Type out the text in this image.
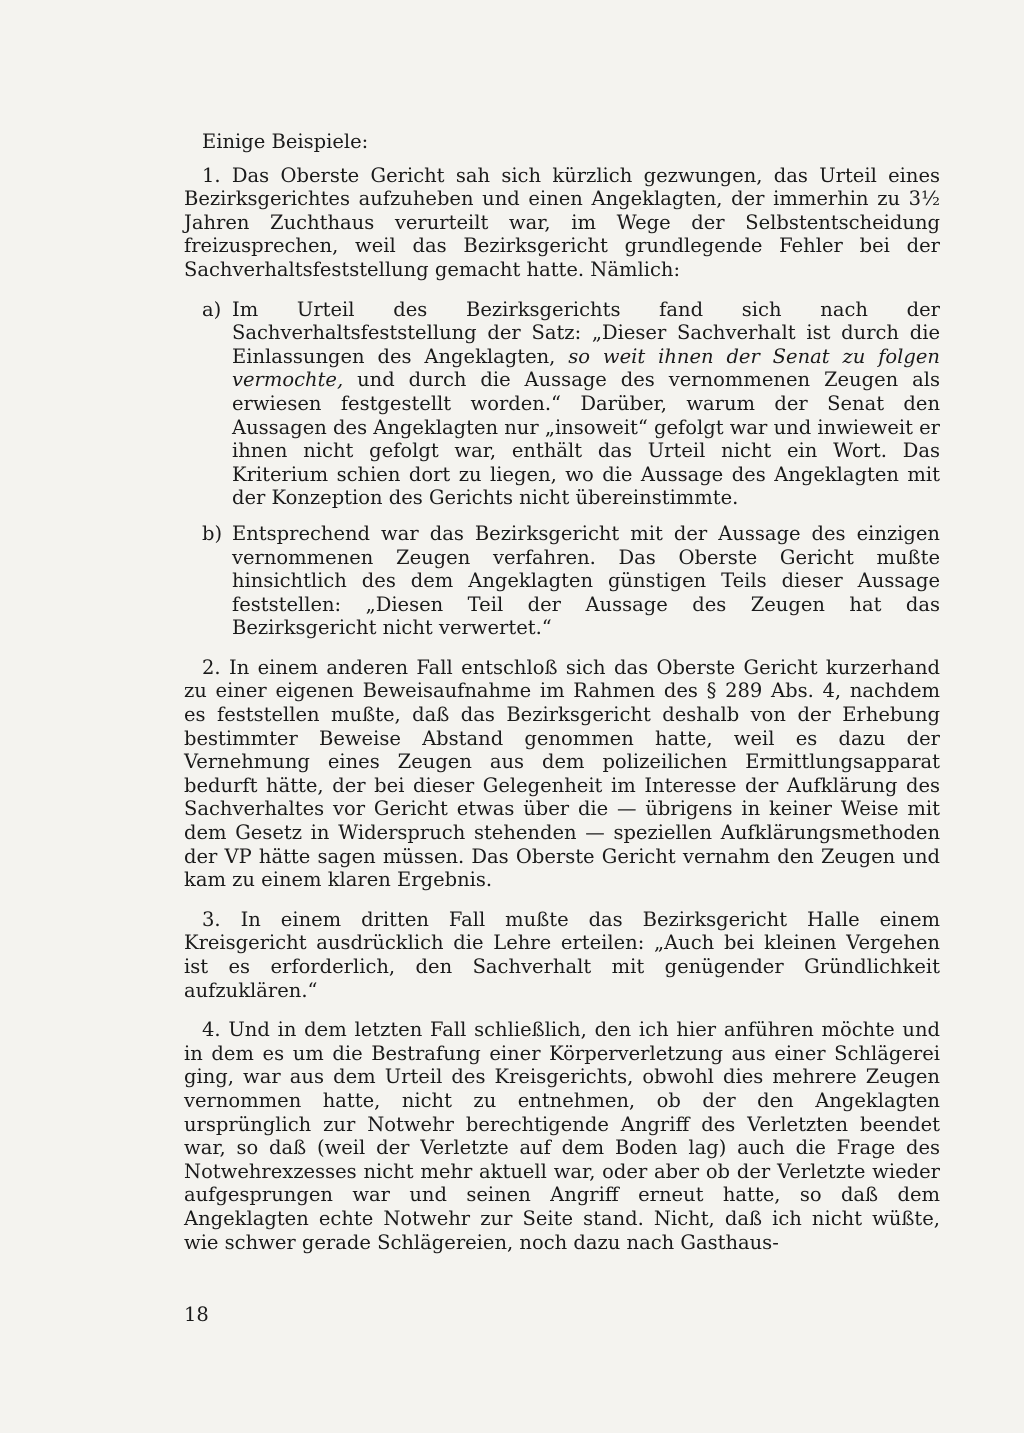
Einige Beispiele:

1. Das Oberste Gericht sah sich kürzlich gezwungen, das Urteil eines Bezirksgerichtes aufzuheben und einen Angeklagten, der immerhin zu 3½ Jahren Zuchthaus verurteilt war, im Wege der Selbstentscheidung freizusprechen, weil das Bezirksgericht grundlegende Fehler bei der Sachverhaltsfeststellung gemacht hatte. Nämlich:

a) Im Urteil des Bezirksgerichts fand sich nach der Sachverhaltsfeststellung der Satz: „Dieser Sachverhalt ist durch die Einlassungen des Angeklagten, so weit ihnen der Senat zu folgen vermochte, und durch die Aussage des vernommenen Zeugen als erwiesen festgestellt worden.“ Darüber, warum der Senat den Aussagen des Angeklagten nur „insoweit“ gefolgt war und inwieweit er ihnen nicht gefolgt war, enthält das Urteil nicht ein Wort. Das Kriterium schien dort zu liegen, wo die Aussage des Angeklagten mit der Konzeption des Gerichts nicht übereinstimmte.
b) Entsprechend war das Bezirksgericht mit der Aussage des einzigen vernommenen Zeugen verfahren. Das Oberste Gericht mußte hinsichtlich des dem Angeklagten günstigen Teils dieser Aussage feststellen: „Diesen Teil der Aussage des Zeugen hat das Bezirksgericht nicht verwertet.“

2. In einem anderen Fall entschloß sich das Oberste Gericht kurzerhand zu einer eigenen Beweisaufnahme im Rahmen des § 289 Abs. 4, nachdem es feststellen mußte, daß das Bezirksgericht deshalb von der Erhebung bestimmter Beweise Abstand genommen hatte, weil es dazu der Vernehmung eines Zeugen aus dem polizeilichen Ermittlungsapparat bedurft hätte, der bei dieser Gelegenheit im Interesse der Aufklärung des Sachverhaltes vor Gericht etwas über die — übrigens in keiner Weise mit dem Gesetz in Widerspruch stehenden — speziellen Aufklärungsmethoden der VP hätte sagen müssen. Das Oberste Gericht vernahm den Zeugen und kam zu einem klaren Ergebnis.

3. In einem dritten Fall mußte das Bezirksgericht Halle einem Kreisgericht ausdrücklich die Lehre erteilen: „Auch bei kleinen Vergehen ist es erforderlich, den Sachverhalt mit genügender Gründlichkeit aufzuklären.“

4. Und in dem letzten Fall schließlich, den ich hier anführen möchte und in dem es um die Bestrafung einer Körperverletzung aus einer Schlägerei ging, war aus dem Urteil des Kreisgerichts, obwohl dies mehrere Zeugen vernommen hatte, nicht zu entnehmen, ob der den Angeklagten ursprünglich zur Notwehr berechtigende Angriff des Verletzten beendet war, so daß (weil der Verletzte auf dem Boden lag) auch die Frage des Notwehrexzesses nicht mehr aktuell war, oder aber ob der Verletzte wieder aufgesprungen war und seinen Angriff erneut hatte, so daß dem Angeklagten echte Notwehr zur Seite stand. Nicht, daß ich nicht wüßte, wie schwer gerade Schlägereien, noch dazu nach Gasthaus-

18
